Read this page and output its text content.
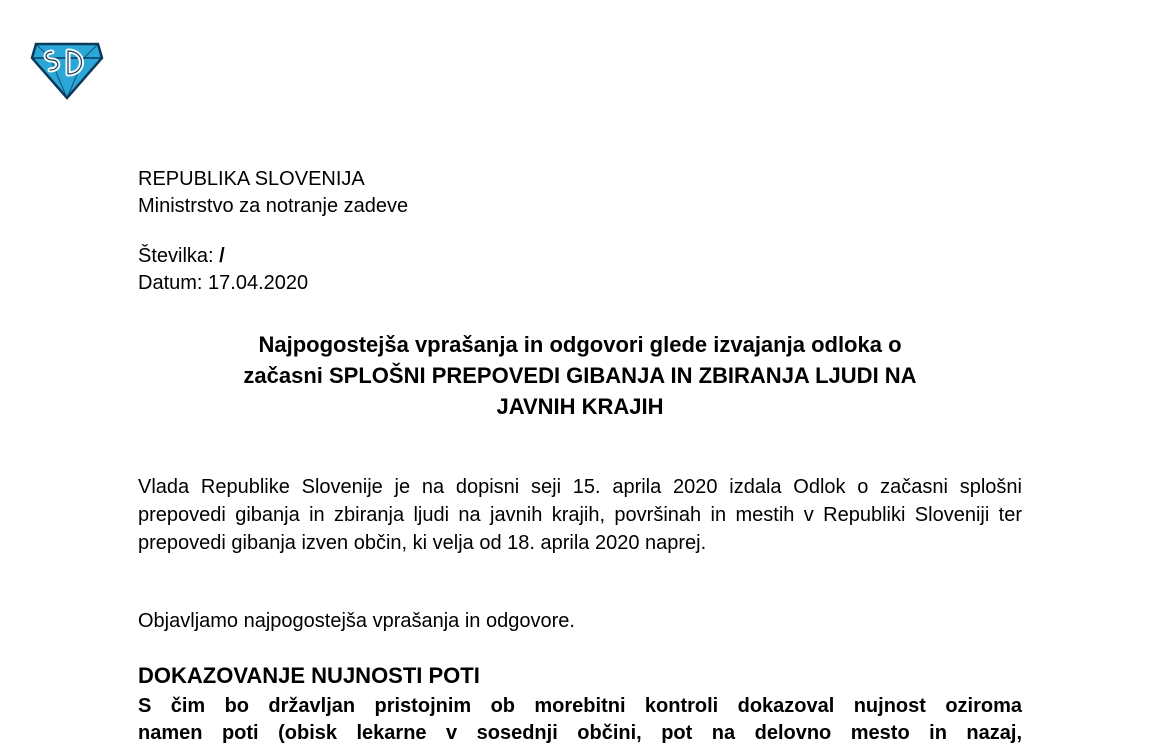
REPUBLIKA SLOVENIJA
Ministrstvo za notranje zadeve
Številka: /
Datum: 17.04.2020
Najpogostejša vprašanja in odgovori glede izvajanja odloka o
začasni SPLOŠNI PREPOVEDI GIBANJA IN ZBIRANJA LJUDI NA
JAVNIH KRAJIH
Vlada Republike Slovenije je na dopisni seji 15. aprila 2020 izdala Odlok o začasni splošni prepovedi gibanja in zbiranja ljudi na javnih krajih, površinah in mestih v Republiki Sloveniji ter prepovedi gibanja izven občin, ki velja od 18. aprila 2020 naprej.
Objavljamo najpogostejša vprašanja in odgovore.
DOKAZOVANJE NUJNOSTI POTI
S čim bo državljan pristojnim ob morebitni kontroli dokazoval nujnost oziroma
namen poti (obisk lekarne v sosednji občini, pot na delovno mesto in nazaj,
